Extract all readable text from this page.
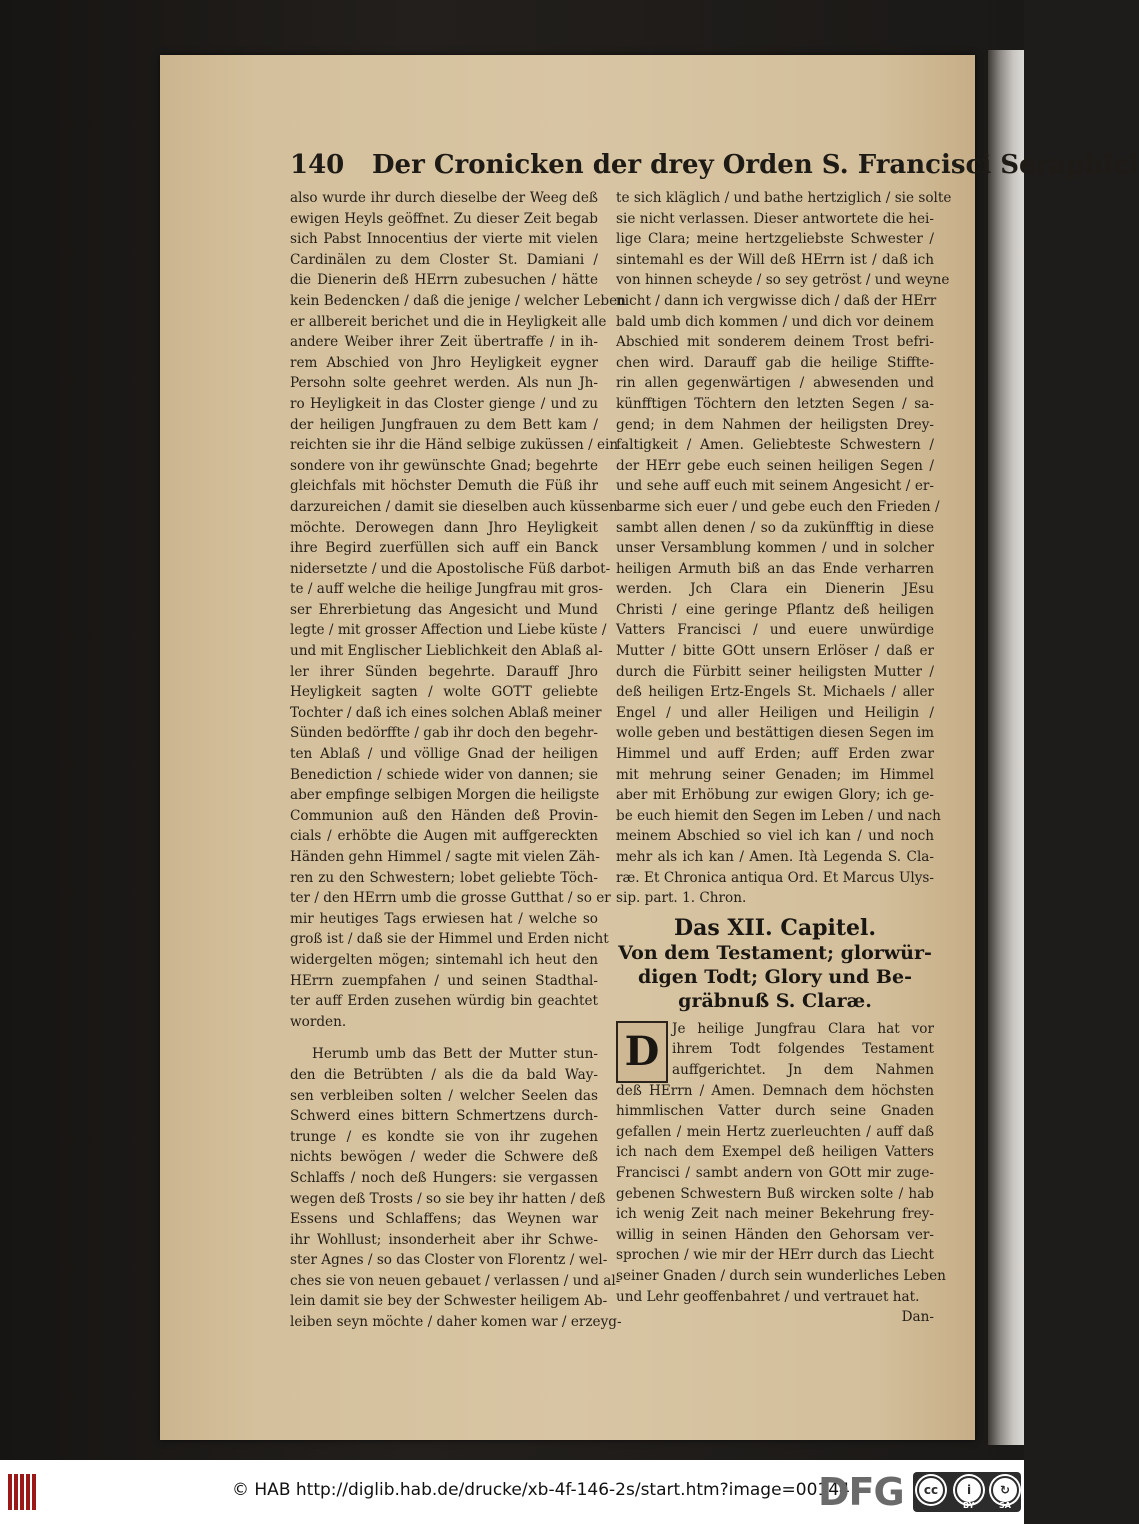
140 Der Cronicken der drey Orden S. Francisci Seraphici
also wurde ihr durch dieselbe der Weeg deß
ewigen Heyls geöffnet. Zu dieser Zeit begab
sich Pabst Innocentius der vierte mit vielen
Cardinälen zu dem Closter St. Damiani /
die Dienerin deß HErrn zubesuchen / hätte
kein Bedencken / daß die jenige / welcher Leben
er allbereit berichet und die in Heyligkeit alle
andere Weiber ihrer Zeit übertraffe / in ih-
rem Abschied von Jhro Heyligkeit eygner
Persohn solte geehret werden. Als nun Jh-
ro Heyligkeit in das Closter gienge / und zu
der heiligen Jungfrauen zu dem Bett kam /
reichten sie ihr die Händ selbige zuküssen / ein
sondere von ihr gewünschte Gnad; begehrte
gleichfals mit höchster Demuth die Füß ihr
darzureichen / damit sie dieselben auch küssen
möchte. Derowegen dann Jhro Heyligkeit
ihre Begird zuerfüllen sich auff ein Banck
nidersetzte / und die Apostolische Füß darbot-
te / auff welche die heilige Jungfrau mit gros-
ser Ehrerbietung das Angesicht und Mund
legte / mit grosser Affection und Liebe küste /
und mit Englischer Lieblichkeit den Ablaß al-
ler ihrer Sünden begehrte. Darauff Jhro
Heyligkeit sagten / wolte GOTT geliebte
Tochter / daß ich eines solchen Ablaß meiner
Sünden bedörffte / gab ihr doch den begehr-
ten Ablaß / und völlige Gnad der heiligen
Benediction / schiede wider von dannen; sie
aber empfinge selbigen Morgen die heiligste
Communion auß den Händen deß Provin-
cials / erhöbte die Augen mit auffgereckten
Händen gehn Himmel / sagte mit vielen Zäh-
ren zu den Schwestern; lobet geliebte Töch-
ter / den HErrn umb die grosse Gutthat / so er
mir heutiges Tags erwiesen hat / welche so
groß ist / daß sie der Himmel und Erden nicht
widergelten mögen; sintemahl ich heut den
HErrn zuempfahen / und seinen Stadthal-
ter auff Erden zusehen würdig bin geachtet
worden.
Herumb umb das Bett der Mutter stun-
den die Betrübten / als die da bald Way-
sen verbleiben solten / welcher Seelen das
Schwerd eines bittern Schmertzens durch-
trunge / es kondte sie von ihr zugehen
nichts bewögen / weder die Schwere deß
Schlaffs / noch deß Hungers: sie vergassen
wegen deß Trosts / so sie bey ihr hatten / deß
Essens und Schlaffens; das Weynen war
ihr Wohllust; insonderheit aber ihr Schwe-
ster Agnes / so das Closter von Florentz / wel-
ches sie von neuen gebauet / verlassen / und al-
lein damit sie bey der Schwester heiligem Ab-
leiben seyn möchte / daher komen war / erzeyg-
te sich kläglich / und bathe hertziglich / sie solte
sie nicht verlassen. Dieser antwortete die hei-
lige Clara; meine hertzgeliebste Schwester /
sintemahl es der Will deß HErrn ist / daß ich
von hinnen scheyde / so sey getröst / und weyne
nicht / dann ich vergwisse dich / daß der HErr
bald umb dich kommen / und dich vor deinem
Abschied mit sonderem deinem Trost befri-
chen wird. Darauff gab die heilige Stiffte-
rin allen gegenwärtigen / abwesenden und
künfftigen Töchtern den letzten Segen / sa-
gend; in dem Nahmen der heiligsten Drey-
faltigkeit / Amen. Geliebteste Schwestern /
der HErr gebe euch seinen heiligen Segen /
und sehe auff euch mit seinem Angesicht / er-
barme sich euer / und gebe euch den Frieden /
sambt allen denen / so da zukünfftig in diese
unser Versamblung kommen / und in solcher
heiligen Armuth biß an das Ende verharren
werden. Jch Clara ein Dienerin JEsu
Christi / eine geringe Pflantz deß heiligen
Vatters Francisci / und euere unwürdige
Mutter / bitte GOtt unsern Erlöser / daß er
durch die Fürbitt seiner heiligsten Mutter /
deß heiligen Ertz-Engels St. Michaels / aller
Engel / und aller Heiligen und Heiligin /
wolle geben und bestättigen diesen Segen im
Himmel und auff Erden; auff Erden zwar
mit mehrung seiner Genaden; im Himmel
aber mit Erhöbung zur ewigen Glory; ich ge-
be euch hiemit den Segen im Leben / und nach
meinem Abschied so viel ich kan / und noch
mehr als ich kan / Amen. Ità Legenda S. Cla-
ræ. Et Chronica antiqua Ord. Et Marcus Ulys-
sip. part. 1. Chron.
Das XII. Capitel.
Von dem Testament; glorwür-
digen Todt; Glory und Be-
gräbnuß S. Claræ.
D Je heilige Jungfrau Clara hat vor
ihrem Todt folgendes Testament
auffgerichtet. Jn dem Nahmen
deß HErrn / Amen. Demnach dem höchsten
himmlischen Vatter durch seine Gnaden
gefallen / mein Hertz zuerleuchten / auff daß
ich nach dem Exempel deß heiligen Vatters
Francisci / sambt andern von GOtt mir zuge-
gebenen Schwestern Buß wircken solte / hab
ich wenig Zeit nach meiner Bekehrung frey-
willig in seinen Händen den Gehorsam ver-
sprochen / wie mir der HErr durch das Liecht
seiner Gnaden / durch sein wunderliches Leben
und Lehr geoffenbahret / und vertrauet hat.
Dan-
© HAB http://diglib.hab.de/drucke/xb-4f-146-2s/start.htm?image=00144
DFG	cc	i	↻
BY	SA
